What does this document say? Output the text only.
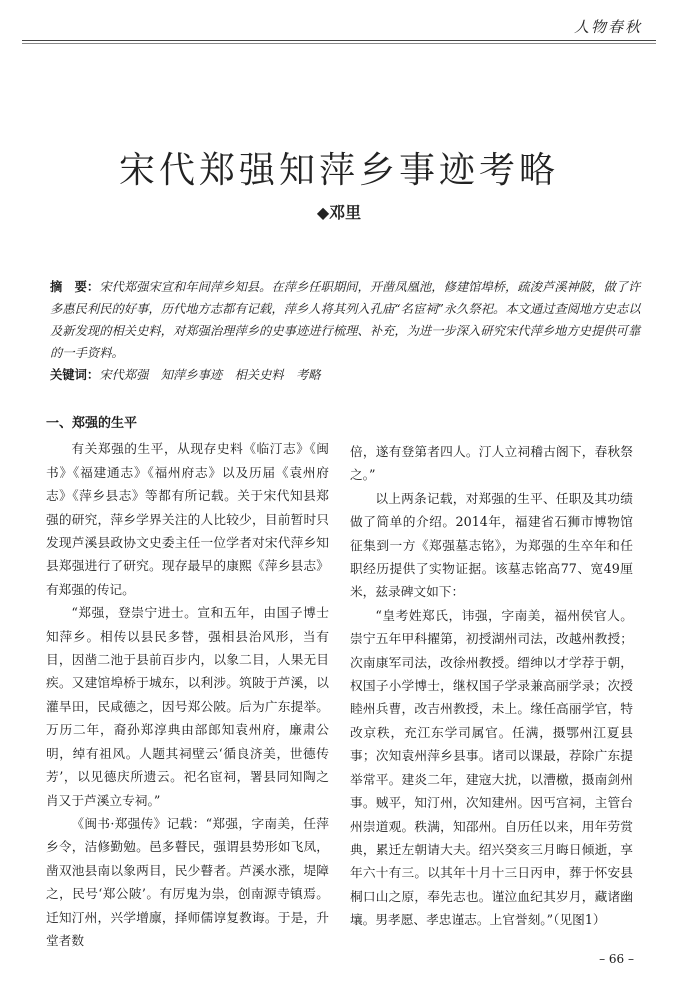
人物春秋
宋代郑强知萍乡事迹考略
◆邓里

摘　要：宋代郑强宋宣和年间萍乡知县。在萍乡任职期间，开凿凤凰池，修建馆埠桥，疏浚芦溪神陂，做了许多惠民利民的好事，历代地方志都有记载，萍乡人将其列入孔庙“名宦祠”永久祭祀。本文通过查阅地方史志以及新发现的相关史料，对郑强治理萍乡的史事迹进行梳理、补充，为进一步深入研究宋代萍乡地方史提供可靠的一手资料。

关键词：宋代郑强　知萍乡事迹　相关史料　考略

一、郑强的生平

有关郑强的生平，从现存史料《临汀志》《闽书》《福建通志》《福州府志》以及历届《袁州府志》《萍乡县志》等都有所记载。关于宋代知县郑强的研究，萍乡学界关注的人比较少，目前暂时只发现芦溪县政协文史委主任一位学者对宋代萍乡知县郑强进行了研究。现存最早的康熙《萍乡县志》有郑强的传记。

“郑强，登崇宁进士。宣和五年，由国子博士知萍乡。相传以县民多替，强相县治风形，当有目，因凿二池于县前百步内，以象二目，人果无目疾。又建馆埠桥于城东，以利涉。筑陂于芦溪，以灌旱田，民咸德之，因号郑公陂。后为广东提举。万历二年，裔孙郑淳典由部郎知袁州府，廉肃公明，绰有祖风。人题其祠壁云‘循良济美，世德传芳’，以见德庆所遗云。祀名宦祠，署县同知陶之肖又于芦溪立专祠。”

《闽书·郑强传》记载：“郑强，字南美，任萍乡令，洁修勤勉。邑多瞽民，强谓县势形如飞凤，凿双池县南以象两目，民少瞽者。芦溪水涨，堤障之，民号‘郑公陂’。有厉鬼为祟，创南源寺镇焉。迁知汀州，兴学增廪，择师儒谆复教诲。于是，升堂者数

倍，遂有登第者四人。汀人立祠稽古阁下，春秋祭之。”

以上两条记载，对郑强的生平、任职及其功绩做了简单的介绍。2014年，福建省石狮市博物馆征集到一方《郑强墓志铭》，为郑强的生卒年和任职经历提供了实物证据。该墓志铭高77、宽49厘米，兹录碑文如下：

“皇考姓郑氏，讳强，字南美，福州侯官人。崇宁五年甲科擢第，初授湖州司法，改越州教授；次南康军司法，改徐州教授。缙绅以才学荐于朝，权国子小学博士，继权国子学录兼高丽学录；次授睦州兵曹，改吉州教授，未上。缘任高丽学官，特改京秩，充江东学司属官。任满，摄鄂州江夏县事；次知袁州萍乡县事。诸司以课最，荐除广东提举常平。建炎二年，建寇大扰，以漕檄，摄南剑州事。贼平，知汀州，次知建州。因丐宫祠，主管台州崇道观。秩满，知邵州。自历任以来，用年劳赏典，累迁左朝请大夫。绍兴癸亥三月晦日倾逝，享年六十有三。以其年十月十三日丙申，葬于怀安县桐口山之原，奉先志也。谨泣血纪其岁月，藏诸幽壤。男孝愿、孝忠谨志。上官誉刻。”（见图1）

– 66 –
